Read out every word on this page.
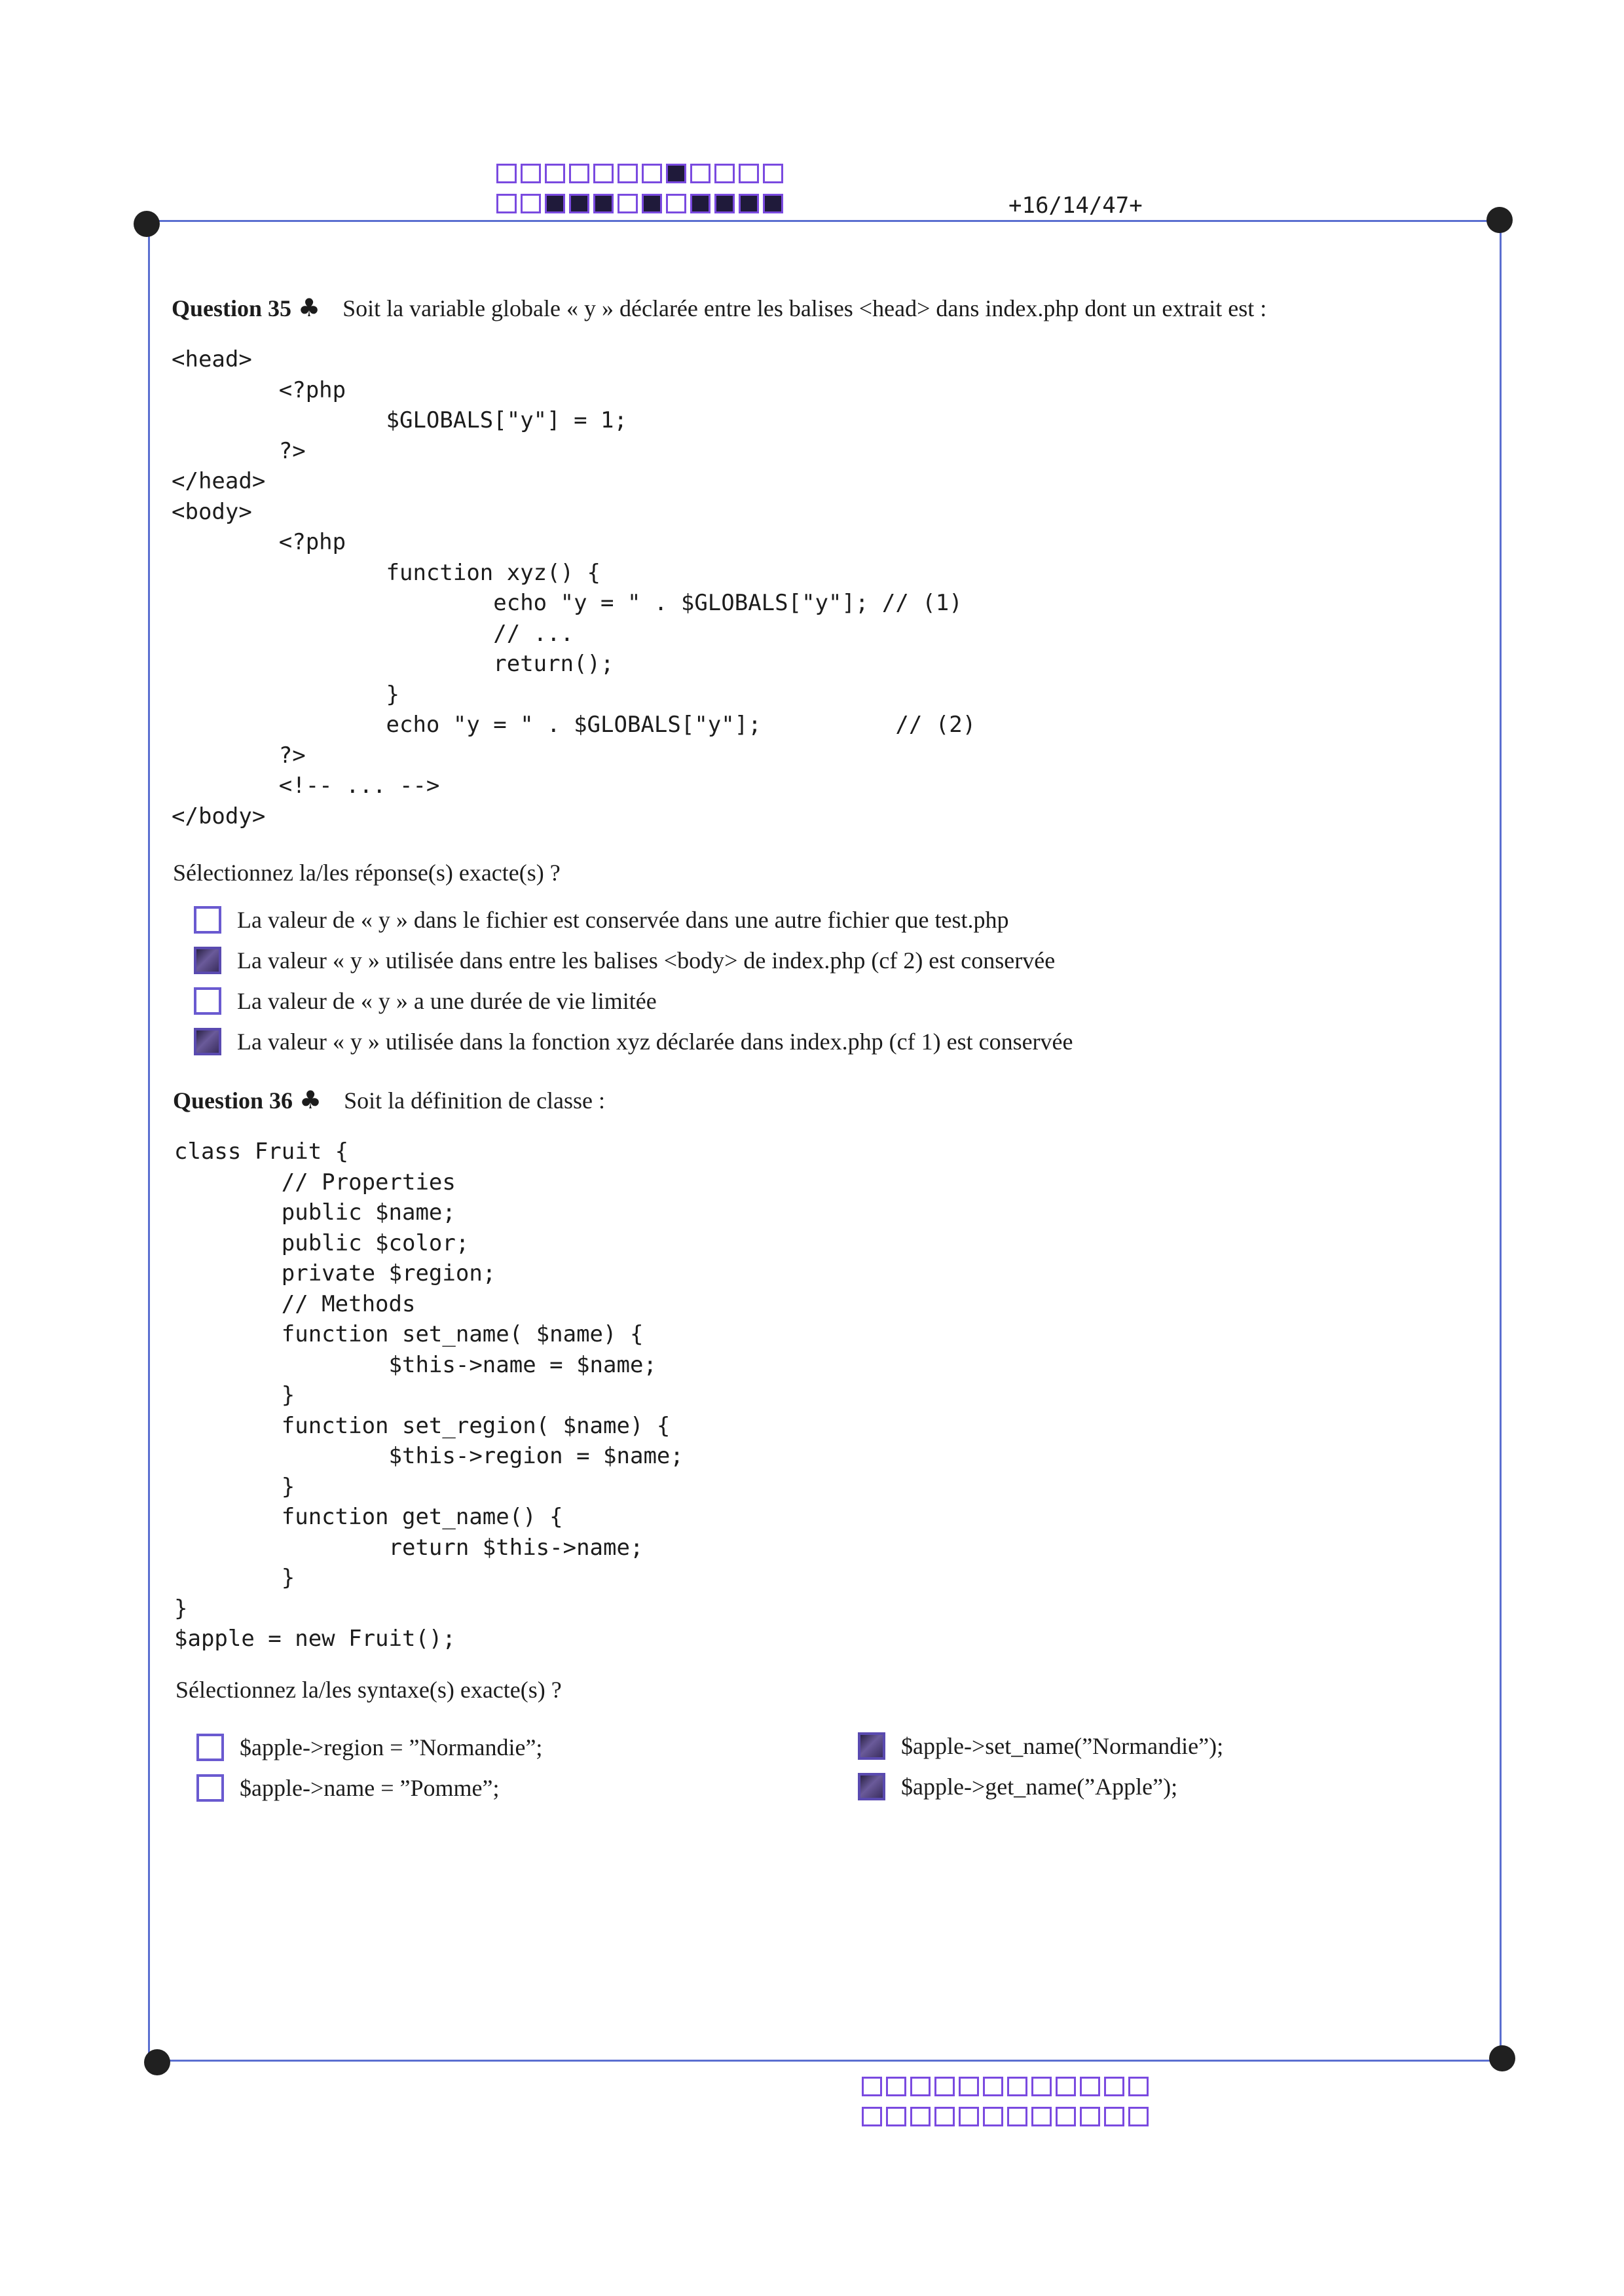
+16/14/47+
Question 35 ♣ Soit la variable globale « y » déclarée entre les balises <head> dans index.php dont un extrait est :
<head>
<?php
$GLOBALS["y"] = 1;
?>
</head>
<body>
<?php
function xyz() {
echo "y = " . $GLOBALS["y"]; // (1)
// ...
return();
}
echo "y = " . $GLOBALS["y"];          // (2)
?>
<!-- ... -->
</body>
Sélectionnez la/les réponse(s) exacte(s) ?
La valeur de « y » dans le fichier est conservée dans une autre fichier que test.php
La valeur « y » utilisée dans entre les balises <body> de index.php (cf 2) est conservée
La valeur de « y » a une durée de vie limitée
La valeur « y » utilisée dans la fonction xyz déclarée dans index.php (cf 1) est conservée
Question 36 ♣ Soit la définition de classe :
class Fruit {
// Properties
public $name;
public $color;
private $region;
// Methods
function set_name( $name) {
$this->name = $name;
}
function set_region( $name) {
$this->region = $name;
}
function get_name() {
return $this->name;
}
}
$apple = new Fruit();
Sélectionnez la/les syntaxe(s) exacte(s) ?
$apple->region = ”Normandie”;
$apple->name = ”Pomme”;
$apple->set_name(”Normandie”);
$apple->get_name(”Apple”);
